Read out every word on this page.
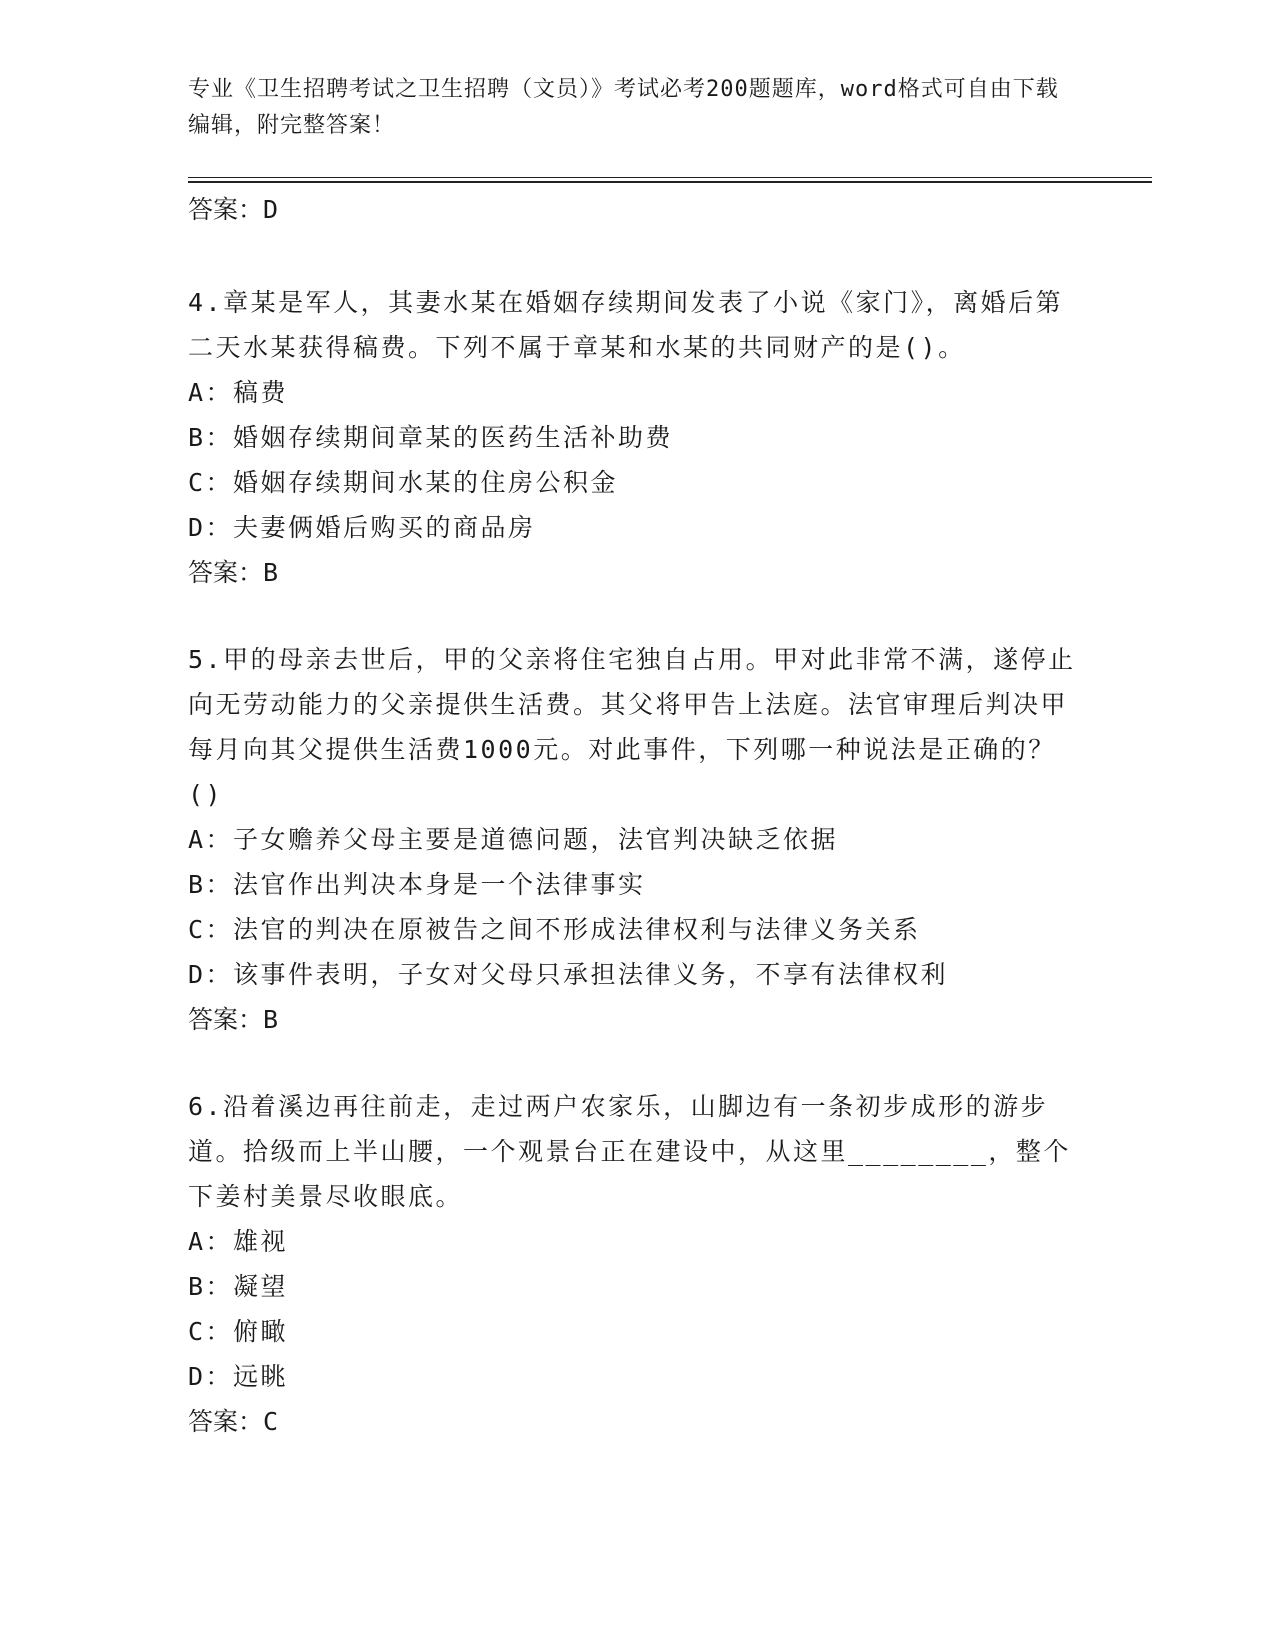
专业《卫生招聘考试之卫生招聘（文员）》考试必考200题题库，word格式可自由下载编辑，附完整答案！
答案：D

4.章某是军人，其妻水某在婚姻存续期间发表了小说《家门》，离婚后第二天水某获得稿费。下列不属于章某和水某的共同财产的是()。

A：稿费

B：婚姻存续期间章某的医药生活补助费

C：婚姻存续期间水某的住房公积金

D：夫妻俩婚后购买的商品房

答案：B

5.甲的母亲去世后，甲的父亲将住宅独自占用。甲对此非常不满，遂停止向无劳动能力的父亲提供生活费。其父将甲告上法庭。法官审理后判决甲每月向其父提供生活费1000元。对此事件，下列哪一种说法是正确的？()

A：子女赡养父母主要是道德问题，法官判决缺乏依据

B：法官作出判决本身是一个法律事实

C：法官的判决在原被告之间不形成法律权利与法律义务关系

D：该事件表明，子女对父母只承担法律义务，不享有法律权利

答案：B

6.沿着溪边再往前走，走过两户农家乐，山脚边有一条初步成形的游步道。拾级而上半山腰，一个观景台正在建设中，从这里________，整个下姜村美景尽收眼底。

A：雄视

B：凝望

C：俯瞰

D：远眺

答案：C
